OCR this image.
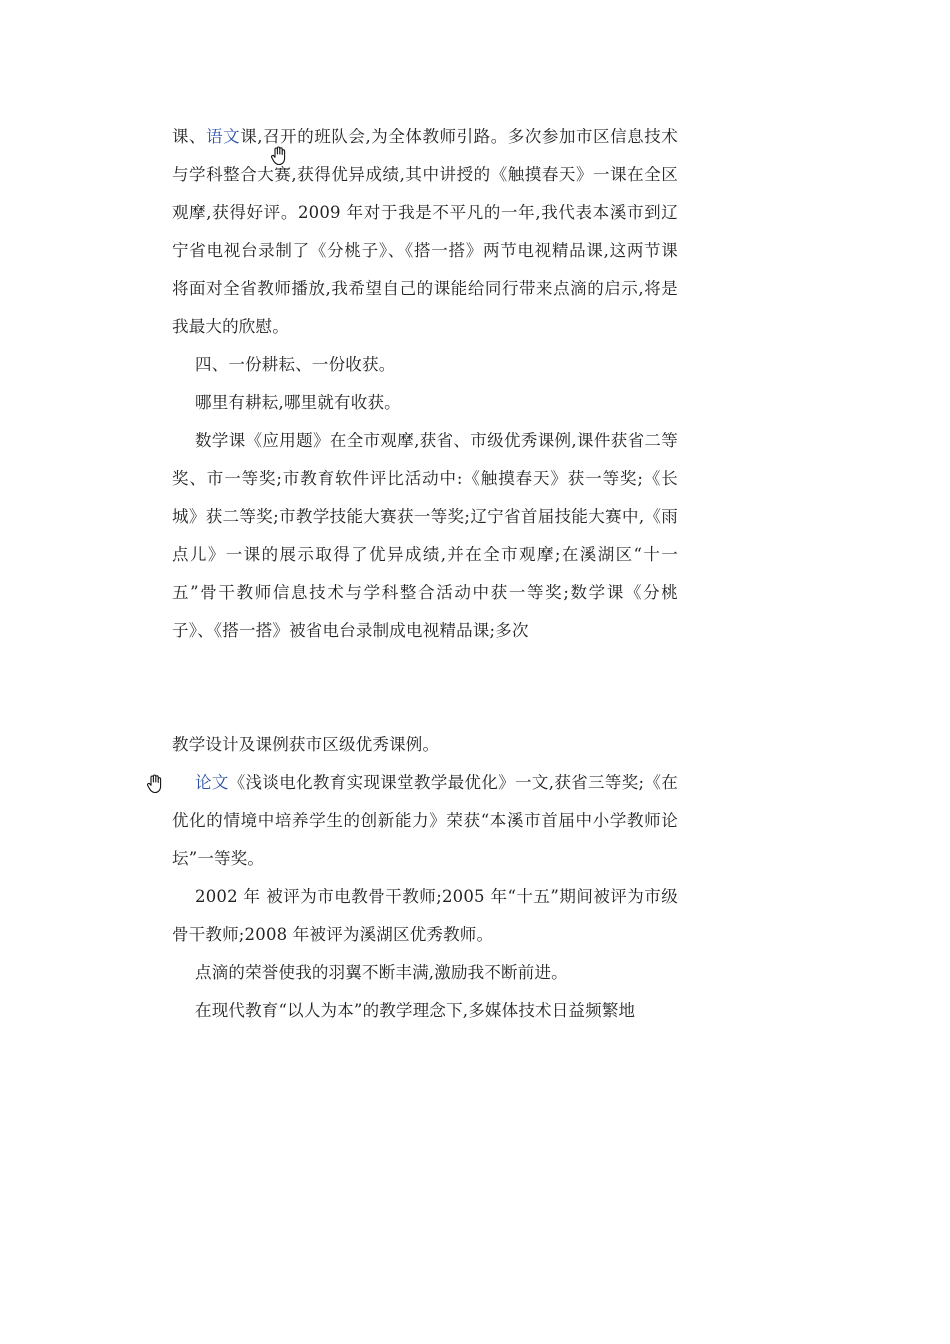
课、语文课,召开的班队会,为全体教师引路。多次参加市区信息技术与学科整合大赛,获得优异成绩,其中讲授的《触摸春天》一课在全区观摩,获得好评。2009 年对于我是不平凡的一年,我代表本溪市到辽宁省电视台录制了《分桃子》、《搭一搭》两节电视精品课,这两节课将面对全省教师播放,我希望自己的课能给同行带来点滴的启示,将是我最大的欣慰。

四、一份耕耘、一份收获。

哪里有耕耘,哪里就有收获。

数学课《应用题》在全市观摩,获省、市级优秀课例,课件获省二等奖、市一等奖;市教育软件评比活动中:《触摸春天》获一等奖;《长城》获二等奖;市教学技能大赛获一等奖;辽宁省首届技能大赛中,《雨点儿》一课的展示取得了优异成绩,并在全市观摩;在溪湖区“十一五”骨干教师信息技术与学科整合活动中获一等奖;数学课《分桃子》、《搭一搭》被省电台录制成电视精品课;多次

教学设计及课例获市区级优秀课例。

论文《浅谈电化教育实现课堂教学最优化》一文,获省三等奖;《在优化的情境中培养学生的创新能力》荣获“本溪市首届中小学教师论坛”一等奖。

2002 年 被评为市电教骨干教师;2005 年“十五”期间被评为市级骨干教师;2008 年被评为溪湖区优秀教师。

点滴的荣誉使我的羽翼不断丰满,激励我不断前进。

在现代教育“以人为本”的教学理念下,多媒体技术日益频繁地
